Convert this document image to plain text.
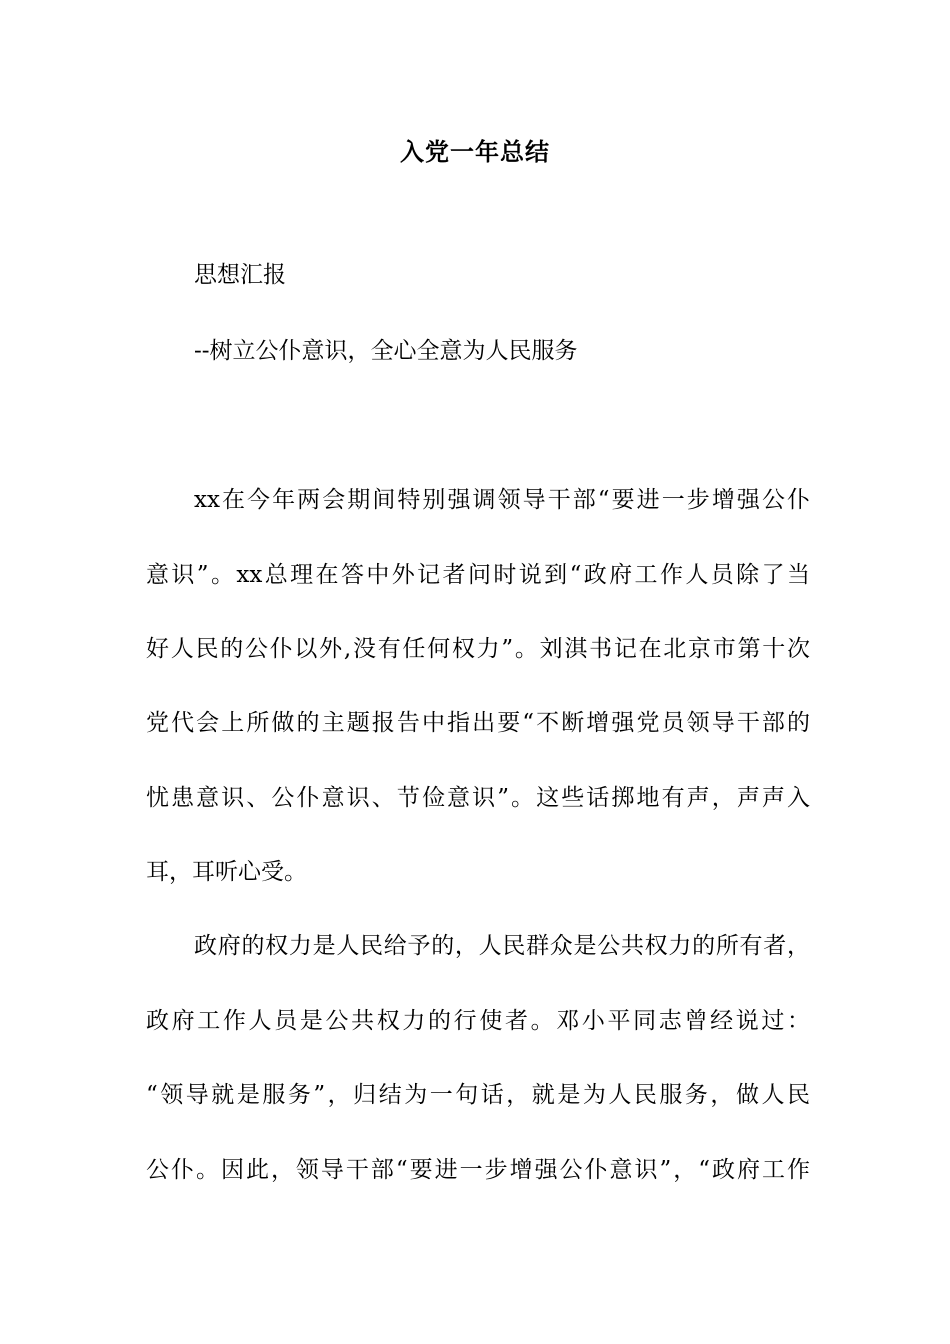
入党一年总结
思想汇报
--树立公仆意识，全心全意为人民服务
xx在今年两会期间特别强调领导干部“要进一步增强公仆
意识”。xx总理在答中外记者问时说到“政府工作人员除了当
好人民的公仆以外,没有任何权力”。刘淇书记在北京市第十次
党代会上所做的主题报告中指出要“不断增强党员领导干部的
忧患意识、公仆意识、节俭意识”。这些话掷地有声，声声入
耳，耳听心受。
政府的权力是人民给予的，人民群众是公共权力的所有者，
政府工作人员是公共权力的行使者。邓小平同志曾经说过：
“领导就是服务”，归结为一句话，就是为人民服务，做人民
公仆。因此，领导干部“要进一步增强公仆意识”，“政府工作
